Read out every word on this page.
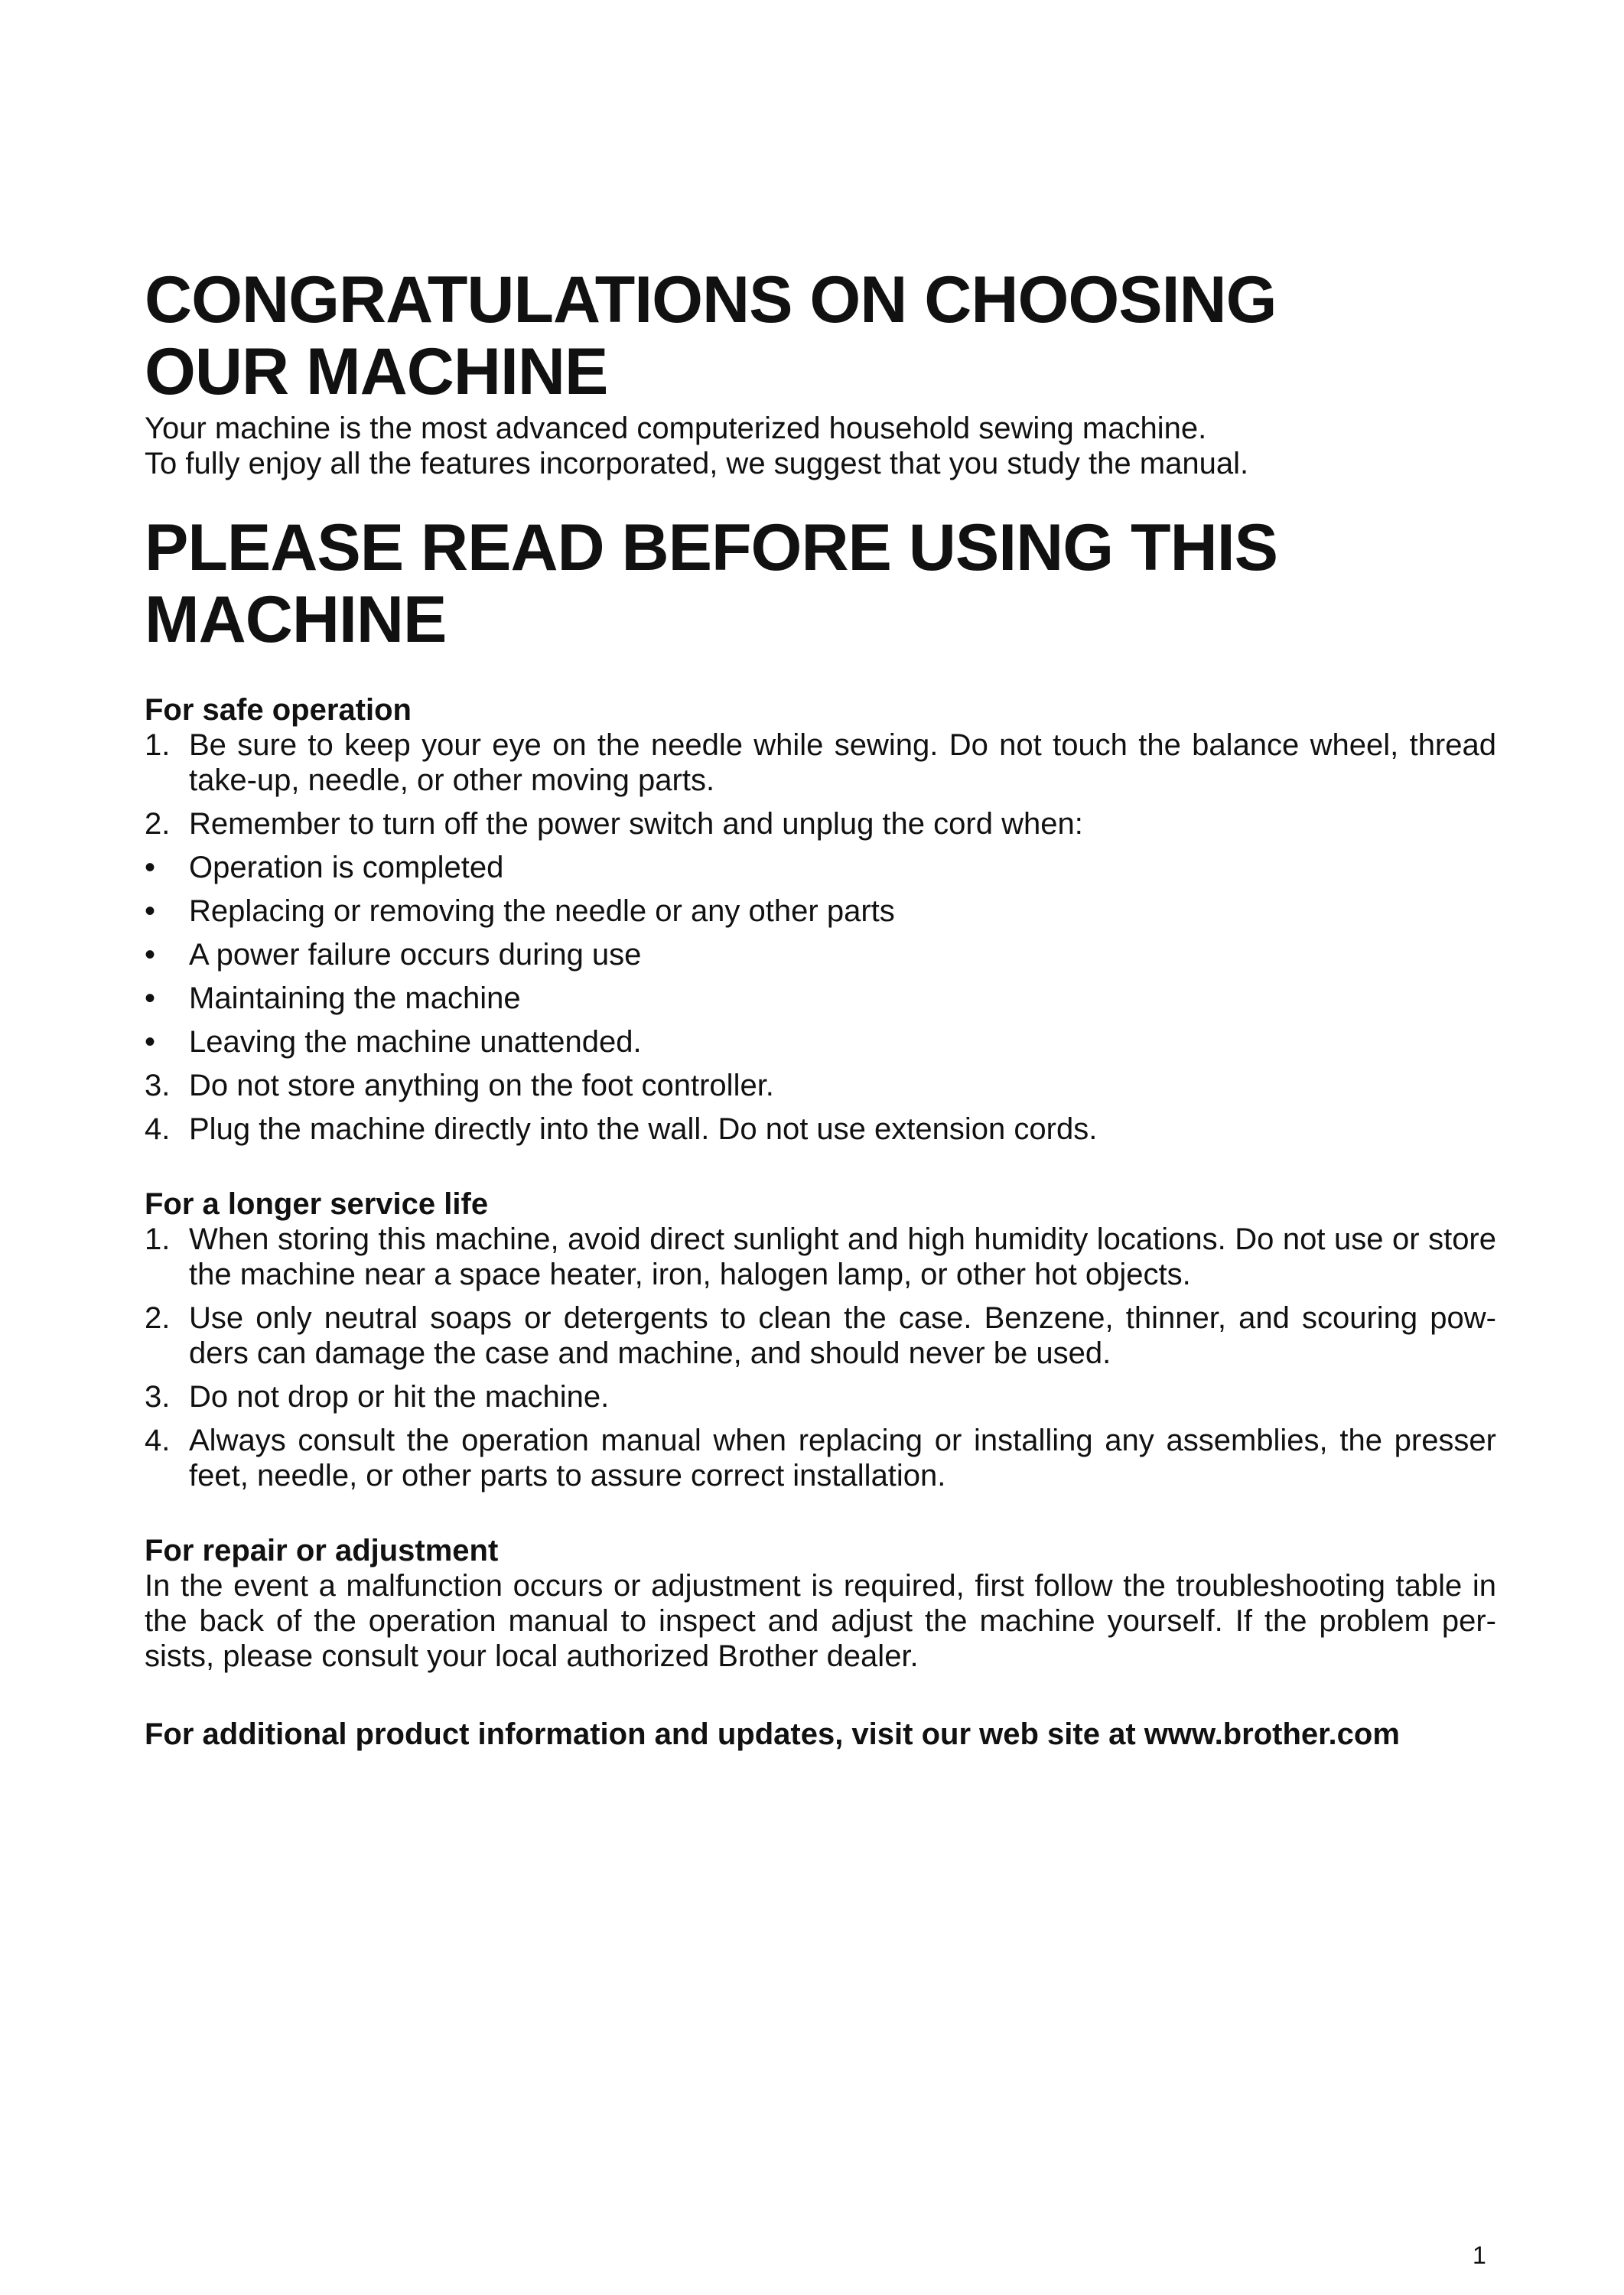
CONGRATULATIONS ON CHOOSING
OUR MACHINE
Your machine is the most advanced computerized household sewing machine.
To fully enjoy all the features incorporated, we suggest that you study the manual.
PLEASE READ BEFORE USING THIS MACHINE
For safe operation
1. Be sure to keep your eye on the needle while sewing. Do not touch the balance wheel, thread take-up, needle, or other moving parts.
2. Remember to turn off the power switch and unplug the cord when:
• Operation is completed
• Replacing or removing the needle or any other parts
• A power failure occurs during use
• Maintaining the machine
• Leaving the machine unattended.
3. Do not store anything on the foot controller.
4. Plug the machine directly into the wall. Do not use extension cords.
For a longer service life
1. When storing this machine, avoid direct sunlight and high humidity locations. Do not use or store the machine near a space heater, iron, halogen lamp, or other hot objects.
2. Use only neutral soaps or detergents to clean the case. Benzene, thinner, and scouring pow-ders can damage the case and machine, and should never be used.
3. Do not drop or hit the machine.
4. Always consult the operation manual when replacing or installing any assemblies, the presser feet, needle, or other parts to assure correct installation.
For repair or adjustment

In the event a malfunction occurs or adjustment is required, first follow the troubleshooting table in the back of the operation manual to inspect and adjust the machine yourself. If the problem per-sists, please consult your local authorized Brother dealer.

For additional product information and updates, visit our web site at www.brother.com
1
